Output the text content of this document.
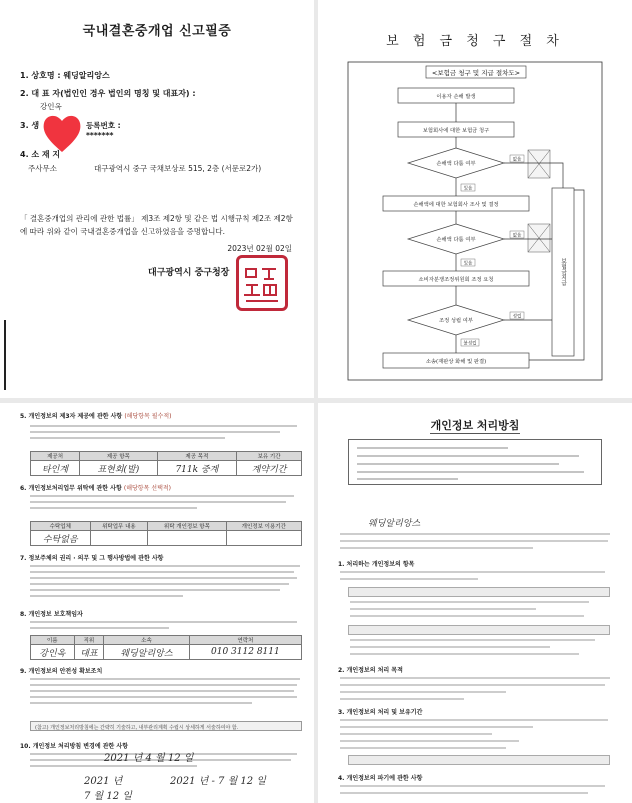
국내결혼중개업 신고필증
1. 상호명 : 웨딩알리앙스
2. 대 표 자(법인인 경우 법인의 명칭 및 대표자) :
강인옥
3. 생	등록번호 :
*******
4. 소 재 지
주사무소	대구광역시 중구 국채보상로 515, 2층 (서문로2가)
「 결혼중개업의 관리에 관한 법률」 제3조 제2항 및 같은 법 시행규칙 제2조 제2항
에 따라 위와 같이 국내결혼중개업을 신고하였음을 증명합니다.
2023년 02월 02일
대구광역시 중구청장
보 험 금 청 구 절 차
<보험금 청구 및 지급 절차도>
이용자 손해 발생
보험회사에 대한 보험금 청구
손해액 다툼 여부
손해액에 대한 보험회사 조사 및 결정
손해액 다툼 여부
소비자분쟁조정위원회 조정 요청
조정 성립 여부
소송(재판상 화해 및 판결)
있음
없음
있음
없음
불성립
성립
보험금지급
5. 개인정보의 제3자 제공에 관한 사항 (해당항목 필수적)
제공처	제공 항목	제공 목적	보유 기간
타인계	표현회(발)	711k 중계	계약기간
6. 개인정보처리업무 위탁에 관한 사항 (해당항목 선택적)
수탁업체	위탁업무 내용	위탁 개인정보 항목	개인정보 이용기간
수탁없음			
7. 정보주체의 권리 · 의무 및 그 행사방법에 관한 사항
8. 개인정보 보호책임자
이름	직위	소속	연락처
강인옥	대표	웨딩알리앙스	010 3112 8111
9. 개인정보의 안전성 확보조치
(참고) 개인정보처리방침에는 간략히 기술하고, 내부관리계획 수립시 상세하게 서술하여야 함.
10. 개인정보 처리방침 변경에 관한 사항
2021 년 4 월 12 일
2021 년	2021 년 - 7 월 12 일
7 월 12 일
개인정보 처리방침
웨딩알리앙스
1. 처리하는 개인정보의 항목
2. 개인정보의 처리 목적
3. 개인정보의 처리 및 보유기간
4. 개인정보의 파기에 관한 사항
